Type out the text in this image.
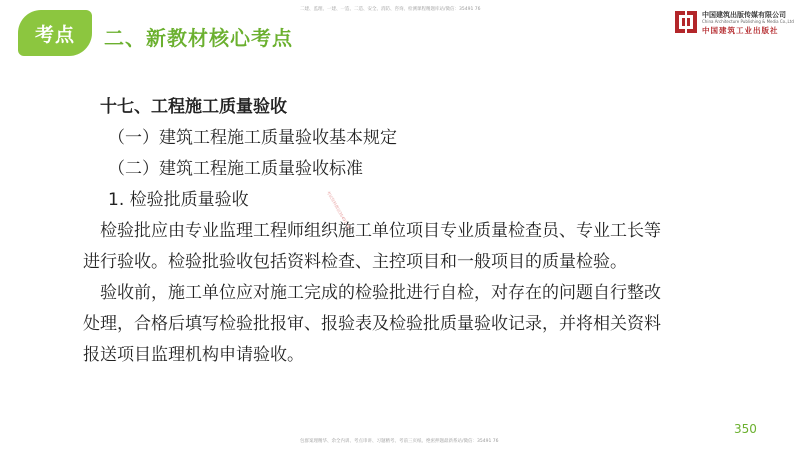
考点 二、新教材核心考点
二建、监理、一建、一造、二造、安全、消防、咨询、检测课程精题库站/微信：35491 76
中国建筑出版传媒有限公司
China Architecture Publishing & Media Co.,Ltd
中国建筑工业出版社
十七、工程施工质量验收
（一）建筑工程施工质量验收基本规定
（二）建筑工程施工质量验收标准
1. 检验批质量验收
检验批应由专业监理工程师组织施工单位项目专业质量检查员、专业工长等
进行验收。检验批验收包括资料检查、主控项目和一般项目的质量检验。
验收前，施工单位应对施工完成的检验批进行自检，对存在的问题自行整改
处理，合格后填写检验批报审、报验表及检验批质量验收记录，并将相关资料
报送项目监理机构申请验收。
考试资料微信35491 76
350
包群案理精华、余全内训、考点串讲、习题精考、考前三页纸、绝密押题最新系站/微信：35491 76
